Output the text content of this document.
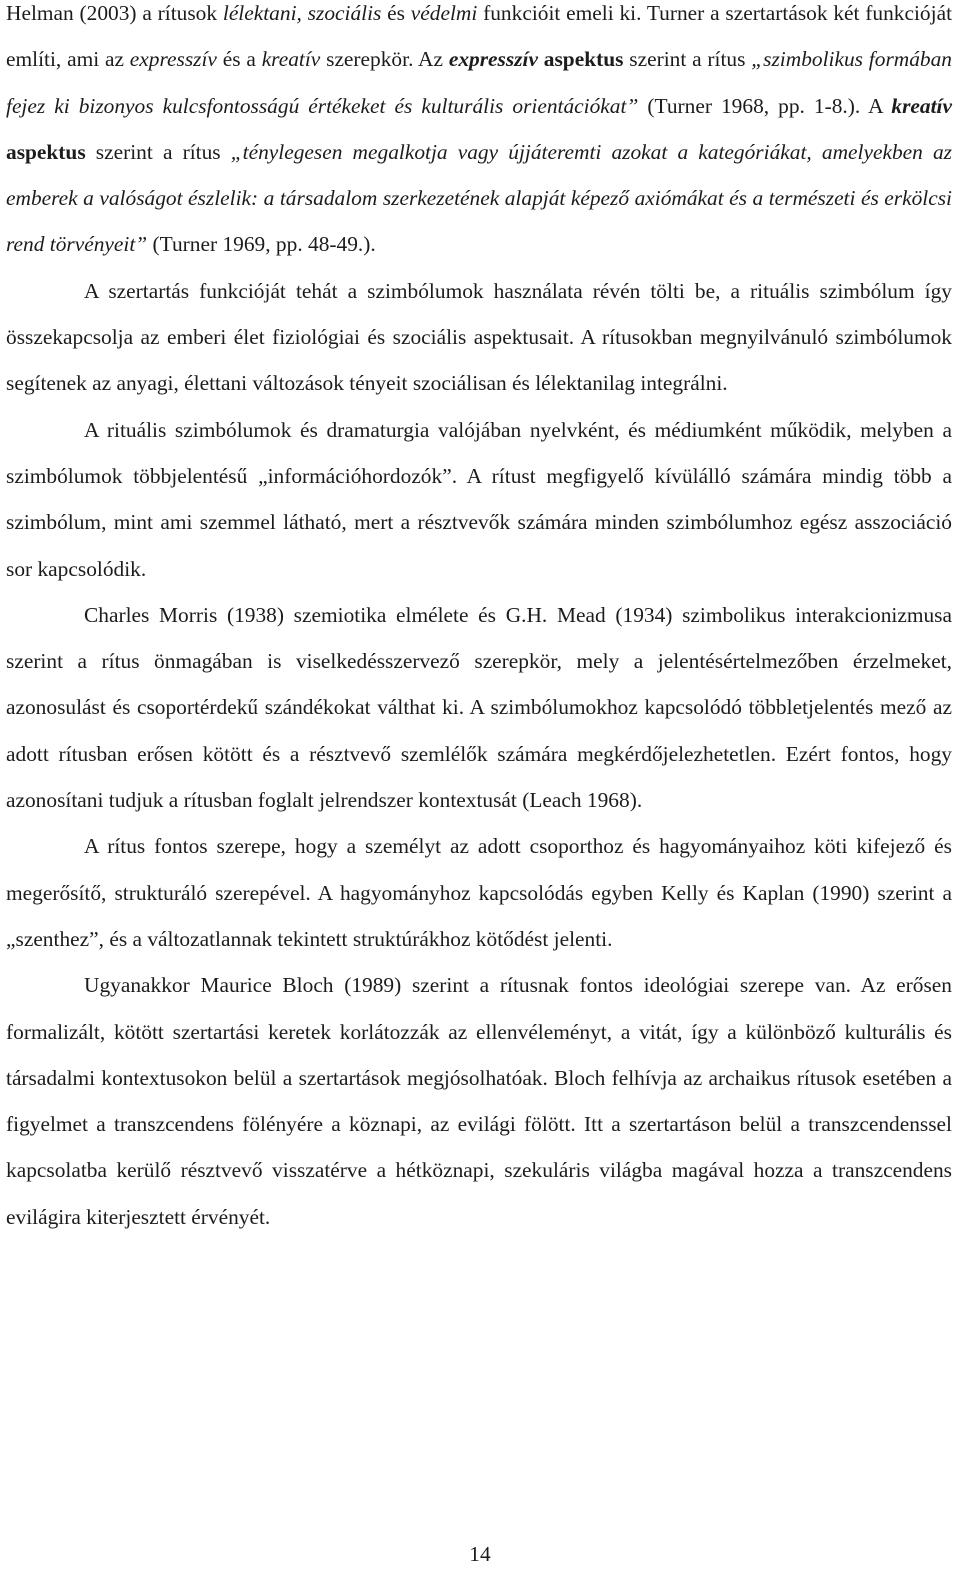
Helman (2003) a rítusok lélektani, szociális és védelmi funkcióit emeli ki. Turner a szertartások két funkcióját említi, ami az expresszív és a kreatív szerepkör. Az expresszív aspektus szerint a rítus „szimbolikus formában fejez ki bizonyos kulcsfontosságú értékeket és kulturális orientációkat” (Turner 1968, pp. 1-8.). A kreatív aspektus szerint a rítus „ténylegesen megalkotja vagy újjáteremti azokat a kategóriákat, amelyekben az emberek a valóságot észlelik: a társadalom szerkezetének alapját képező axiómákat és a természeti és erkölcsi rend törvényeit” (Turner 1969, pp. 48-49.).

A szertartás funkcióját tehát a szimbólumok használata révén tölti be, a rituális szimbólum így összekapcsolja az emberi élet fiziológiai és szociális aspektusait. A rítusokban megnyilvánuló szimbólumok segítenek az anyagi, élettani változások tényeit szociálisan és lélektanilag integrálni.

A rituális szimbólumok és dramaturgia valójában nyelvként, és médiumként működik, melyben a szimbólumok többjelentésű „információhordozók”. A rítust megfigyelő kívülálló számára mindig több a szimbólum, mint ami szemmel látható, mert a résztvevők számára minden szimbólumhoz egész asszociáció sor kapcsolódik.

Charles Morris (1938) szemiotika elmélete és G.H. Mead (1934) szimbolikus interakcionizmusa szerint a rítus önmagában is viselkedésszervező szerepkör, mely a jelentésértelmezőben érzelmeket, azonosulást és csoportérdekű szándékokat válthat ki. A szimbólumokhoz kapcsolódó többletjelentés mező az adott rítusban erősen kötött és a résztvevő szemlélők számára megkérdőjelezhetetlen. Ezért fontos, hogy azonosítani tudjuk a rítusban foglalt jelrendszer kontextusát (Leach 1968).

A rítus fontos szerepe, hogy a személyt az adott csoporthoz és hagyományaihoz köti kifejező és megerősítő, strukturáló szerepével. A hagyományhoz kapcsolódás egyben Kelly és Kaplan (1990) szerint a „szenthez”, és a változatlannak tekintett struktúrákhoz kötődést jelenti.

Ugyanakkor Maurice Bloch (1989) szerint a rítusnak fontos ideológiai szerepe van. Az erősen formalizált, kötött szertartási keretek korlátozzák az ellenvéleményt, a vitát, így a különböző kulturális és társadalmi kontextusokon belül a szertartások megjósolhatóak. Bloch felhívja az archaikus rítusok esetében a figyelmet a transzcendens fölényére a köznapi, az evilági fölött. Itt a szertartáson belül a transzcendenssel kapcsolatba kerülő résztvevő visszatérve a hétköznapi, szekuláris világba magával hozza a transzcendens evilágira kiterjesztett érvényét.

14
